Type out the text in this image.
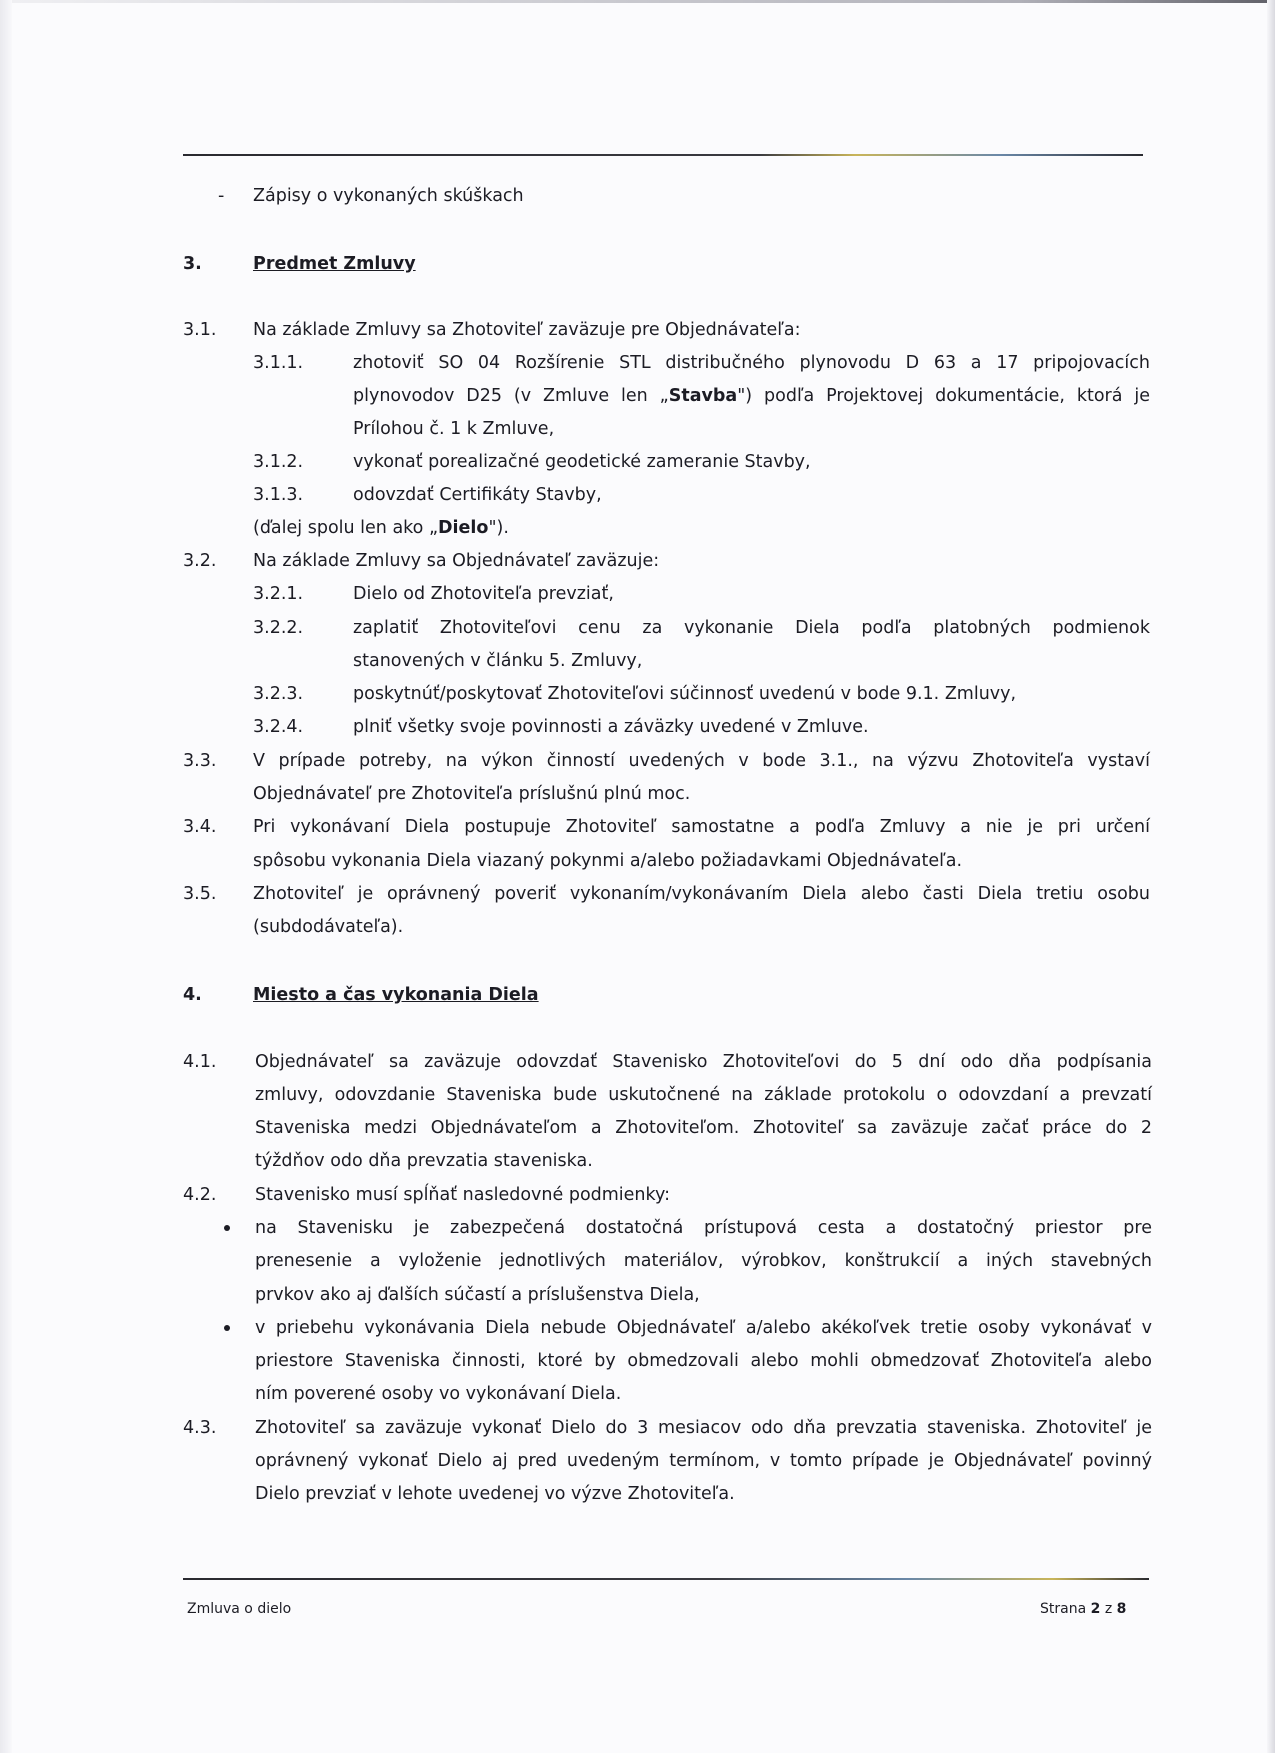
- Zápisy o vykonaných skúškach
3.	Predmet Zmluvy
3.1. Na základe Zmluvy sa Zhotoviteľ zaväzuje pre Objednávateľa:
3.1.1.	zhotoviť SO 04 Rozšírenie STL distribučného plynovodu D 63 a 17 pripojovacích
plynovodov D25 (v Zmluve len „Stavba") podľa Projektovej dokumentácie, ktorá je
Prílohou č. 1 k Zmluve,
3.1.2.	vykonať porealizačné geodetické zameranie Stavby,
3.1.3.	odovzdať Certifikáty Stavby,
(ďalej spolu len ako „Dielo").
3.2. Na základe Zmluvy sa Objednávateľ zaväzuje:
3.2.1.	Dielo od Zhotoviteľa prevziať,
3.2.2.	zaplatiť Zhotoviteľovi cenu za vykonanie Diela podľa platobných podmienok
stanovených v článku 5. Zmluvy,
3.2.3.	poskytnúť/poskytovať Zhotoviteľovi súčinnosť uvedenú v bode 9.1. Zmluvy,
3.2.4.	plniť všetky svoje povinnosti a záväzky uvedené v Zmluve.
3.3. V prípade potreby, na výkon činností uvedených v bode 3.1., na výzvu Zhotoviteľa vystaví
Objednávateľ pre Zhotoviteľa príslušnú plnú moc.
3.4. Pri vykonávaní Diela postupuje Zhotoviteľ samostatne a podľa Zmluvy a nie je pri určení
spôsobu vykonania Diela viazaný pokynmi a/alebo požiadavkami Objednávateľa.
3.5. Zhotoviteľ je oprávnený poveriť vykonaním/vykonávaním Diela alebo časti Diela tretiu osobu
(subdodávateľa).
4.	Miesto a čas vykonania Diela
4.1. Objednávateľ sa zaväzuje odovzdať Stavenisko Zhotoviteľovi do 5 dní odo dňa podpísania
zmluvy, odovzdanie Staveniska bude uskutočnené na základe protokolu o odovzdaní a prevzatí
Staveniska medzi Objednávateľom a Zhotoviteľom. Zhotoviteľ sa zaväzuje začať práce do 2
týždňov odo dňa prevzatia staveniska.
4.2. Stavenisko musí spĺňať nasledovné podmienky:
na Stavenisku je zabezpečená dostatočná prístupová cesta a dostatočný priestor pre
prenesenie a vyloženie jednotlivých materiálov, výrobkov, konštrukcií a iných stavebných
prvkov ako aj ďalších súčastí a príslušenstva Diela,
v priebehu vykonávania Diela nebude Objednávateľ a/alebo akékoľvek tretie osoby vykonávať v
priestore Staveniska činnosti, ktoré by obmedzovali alebo mohli obmedzovať Zhotoviteľa alebo
ním poverené osoby vo vykonávaní Diela.
4.3. Zhotoviteľ sa zaväzuje vykonať Dielo do 3 mesiacov odo dňa prevzatia staveniska. Zhotoviteľ je
oprávnený vykonať Dielo aj pred uvedeným termínom, v tomto prípade je Objednávateľ povinný
Dielo prevziať v lehote uvedenej vo výzve Zhotoviteľa.
Zmluva o dielo	Strana 2 z 8
